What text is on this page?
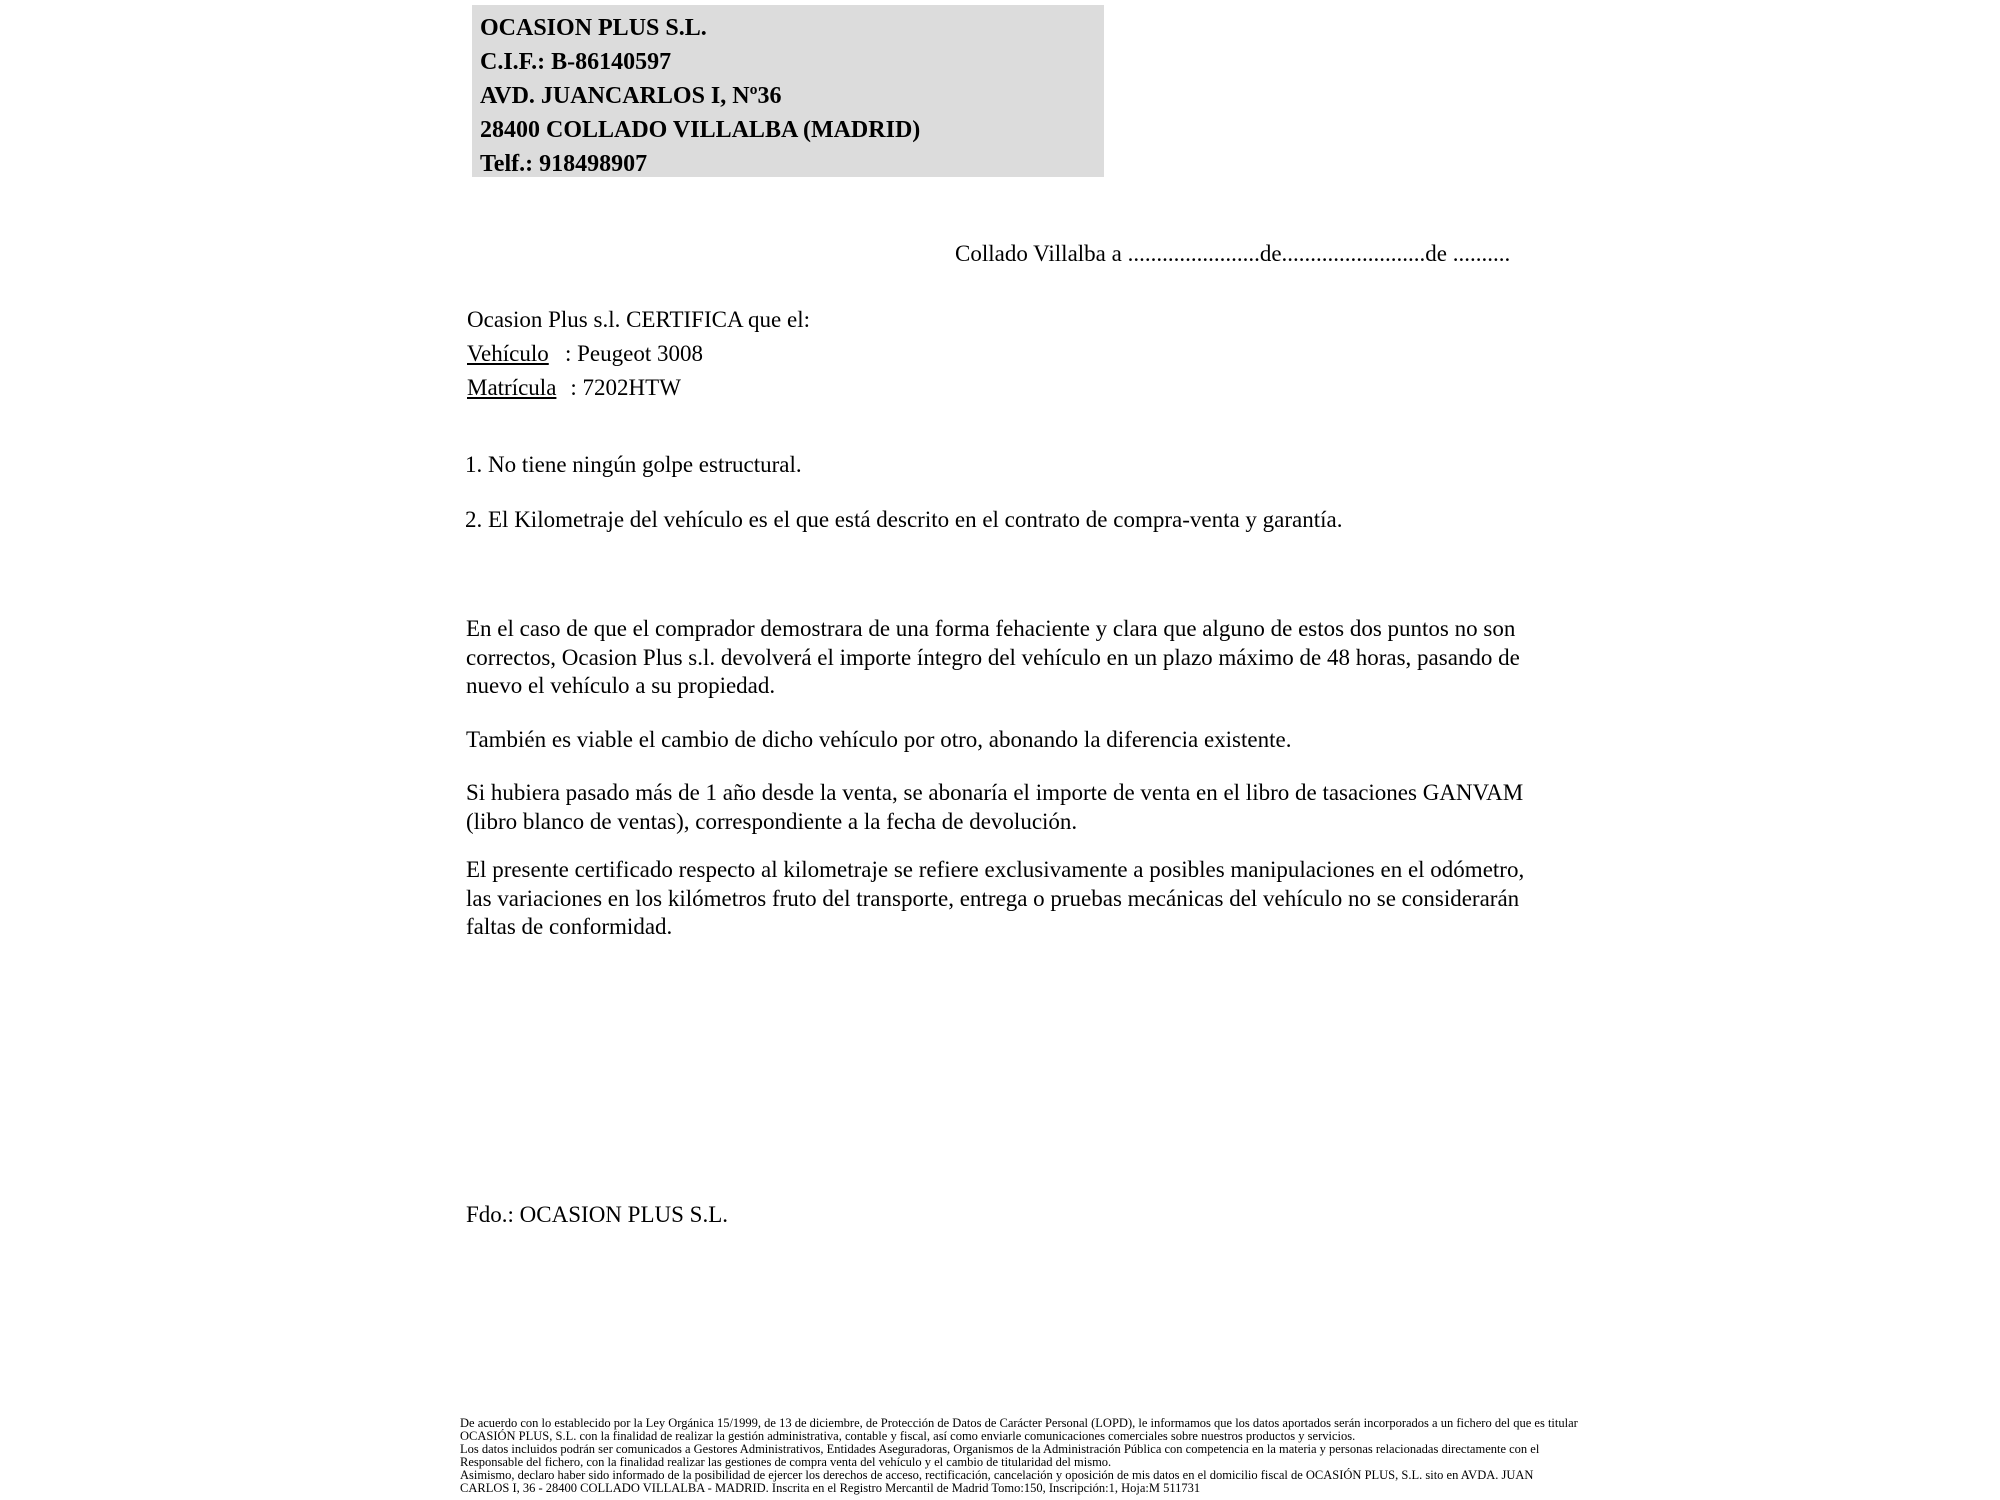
OCASION PLUS S.L.
C.I.F.: B-86140597
AVD. JUANCARLOS I, Nº36
28400 COLLADO VILLALBA (MADRID)
Telf.: 918498907
Collado Villalba a .......................de.........................de ..........
Ocasion Plus s.l. CERTIFICA que el:
Vehículo : Peugeot 3008
Matrícula : 7202HTW
1. No tiene ningún golpe estructural.
2. El Kilometraje del vehículo es el que está descrito en el contrato de compra-venta y garantía.
En el caso de que el comprador demostrara de una forma fehaciente y clara que alguno de estos dos puntos no son correctos, Ocasion Plus s.l. devolverá el importe íntegro del vehículo en un plazo máximo de 48 horas, pasando de nuevo el vehículo a su propiedad.
También es viable el cambio de dicho vehículo por otro, abonando la diferencia existente.
Si hubiera pasado más de 1 año desde la venta, se abonaría el importe de venta en el libro de tasaciones GANVAM (libro blanco de ventas), correspondiente a la fecha de devolución.
El presente certificado respecto al kilometraje se refiere exclusivamente a posibles manipulaciones en el odómetro, las variaciones en los kilómetros fruto del transporte, entrega o pruebas mecánicas del vehículo no se considerarán faltas de conformidad.
Fdo.: OCASION PLUS S.L.
De acuerdo con lo establecido por la Ley Orgánica 15/1999, de 13 de diciembre, de Protección de Datos de Carácter Personal (LOPD), le informamos que los datos aportados serán incorporados a un fichero del que es titular
OCASIÓN PLUS, S.L. con la finalidad de realizar la gestión administrativa, contable y fiscal, así como enviarle comunicaciones comerciales sobre nuestros productos y servicios.
Los datos incluidos podrán ser comunicados a Gestores Administrativos, Entidades Aseguradoras, Organismos de la Administración Pública con competencia en la materia y personas relacionadas directamente con el
Responsable del fichero, con la finalidad realizar las gestiones de compra venta del vehículo y el cambio de titularidad del mismo.
Asimismo, declaro haber sido informado de la posibilidad de ejercer los derechos de acceso, rectificación, cancelación y oposición de mis datos en el domicilio fiscal de OCASIÓN PLUS, S.L. sito en AVDA. JUAN
CARLOS I, 36 - 28400 COLLADO VILLALBA - MADRID. Inscrita en el Registro Mercantil de Madrid Tomo:150, Inscripción:1, Hoja:M 511731
